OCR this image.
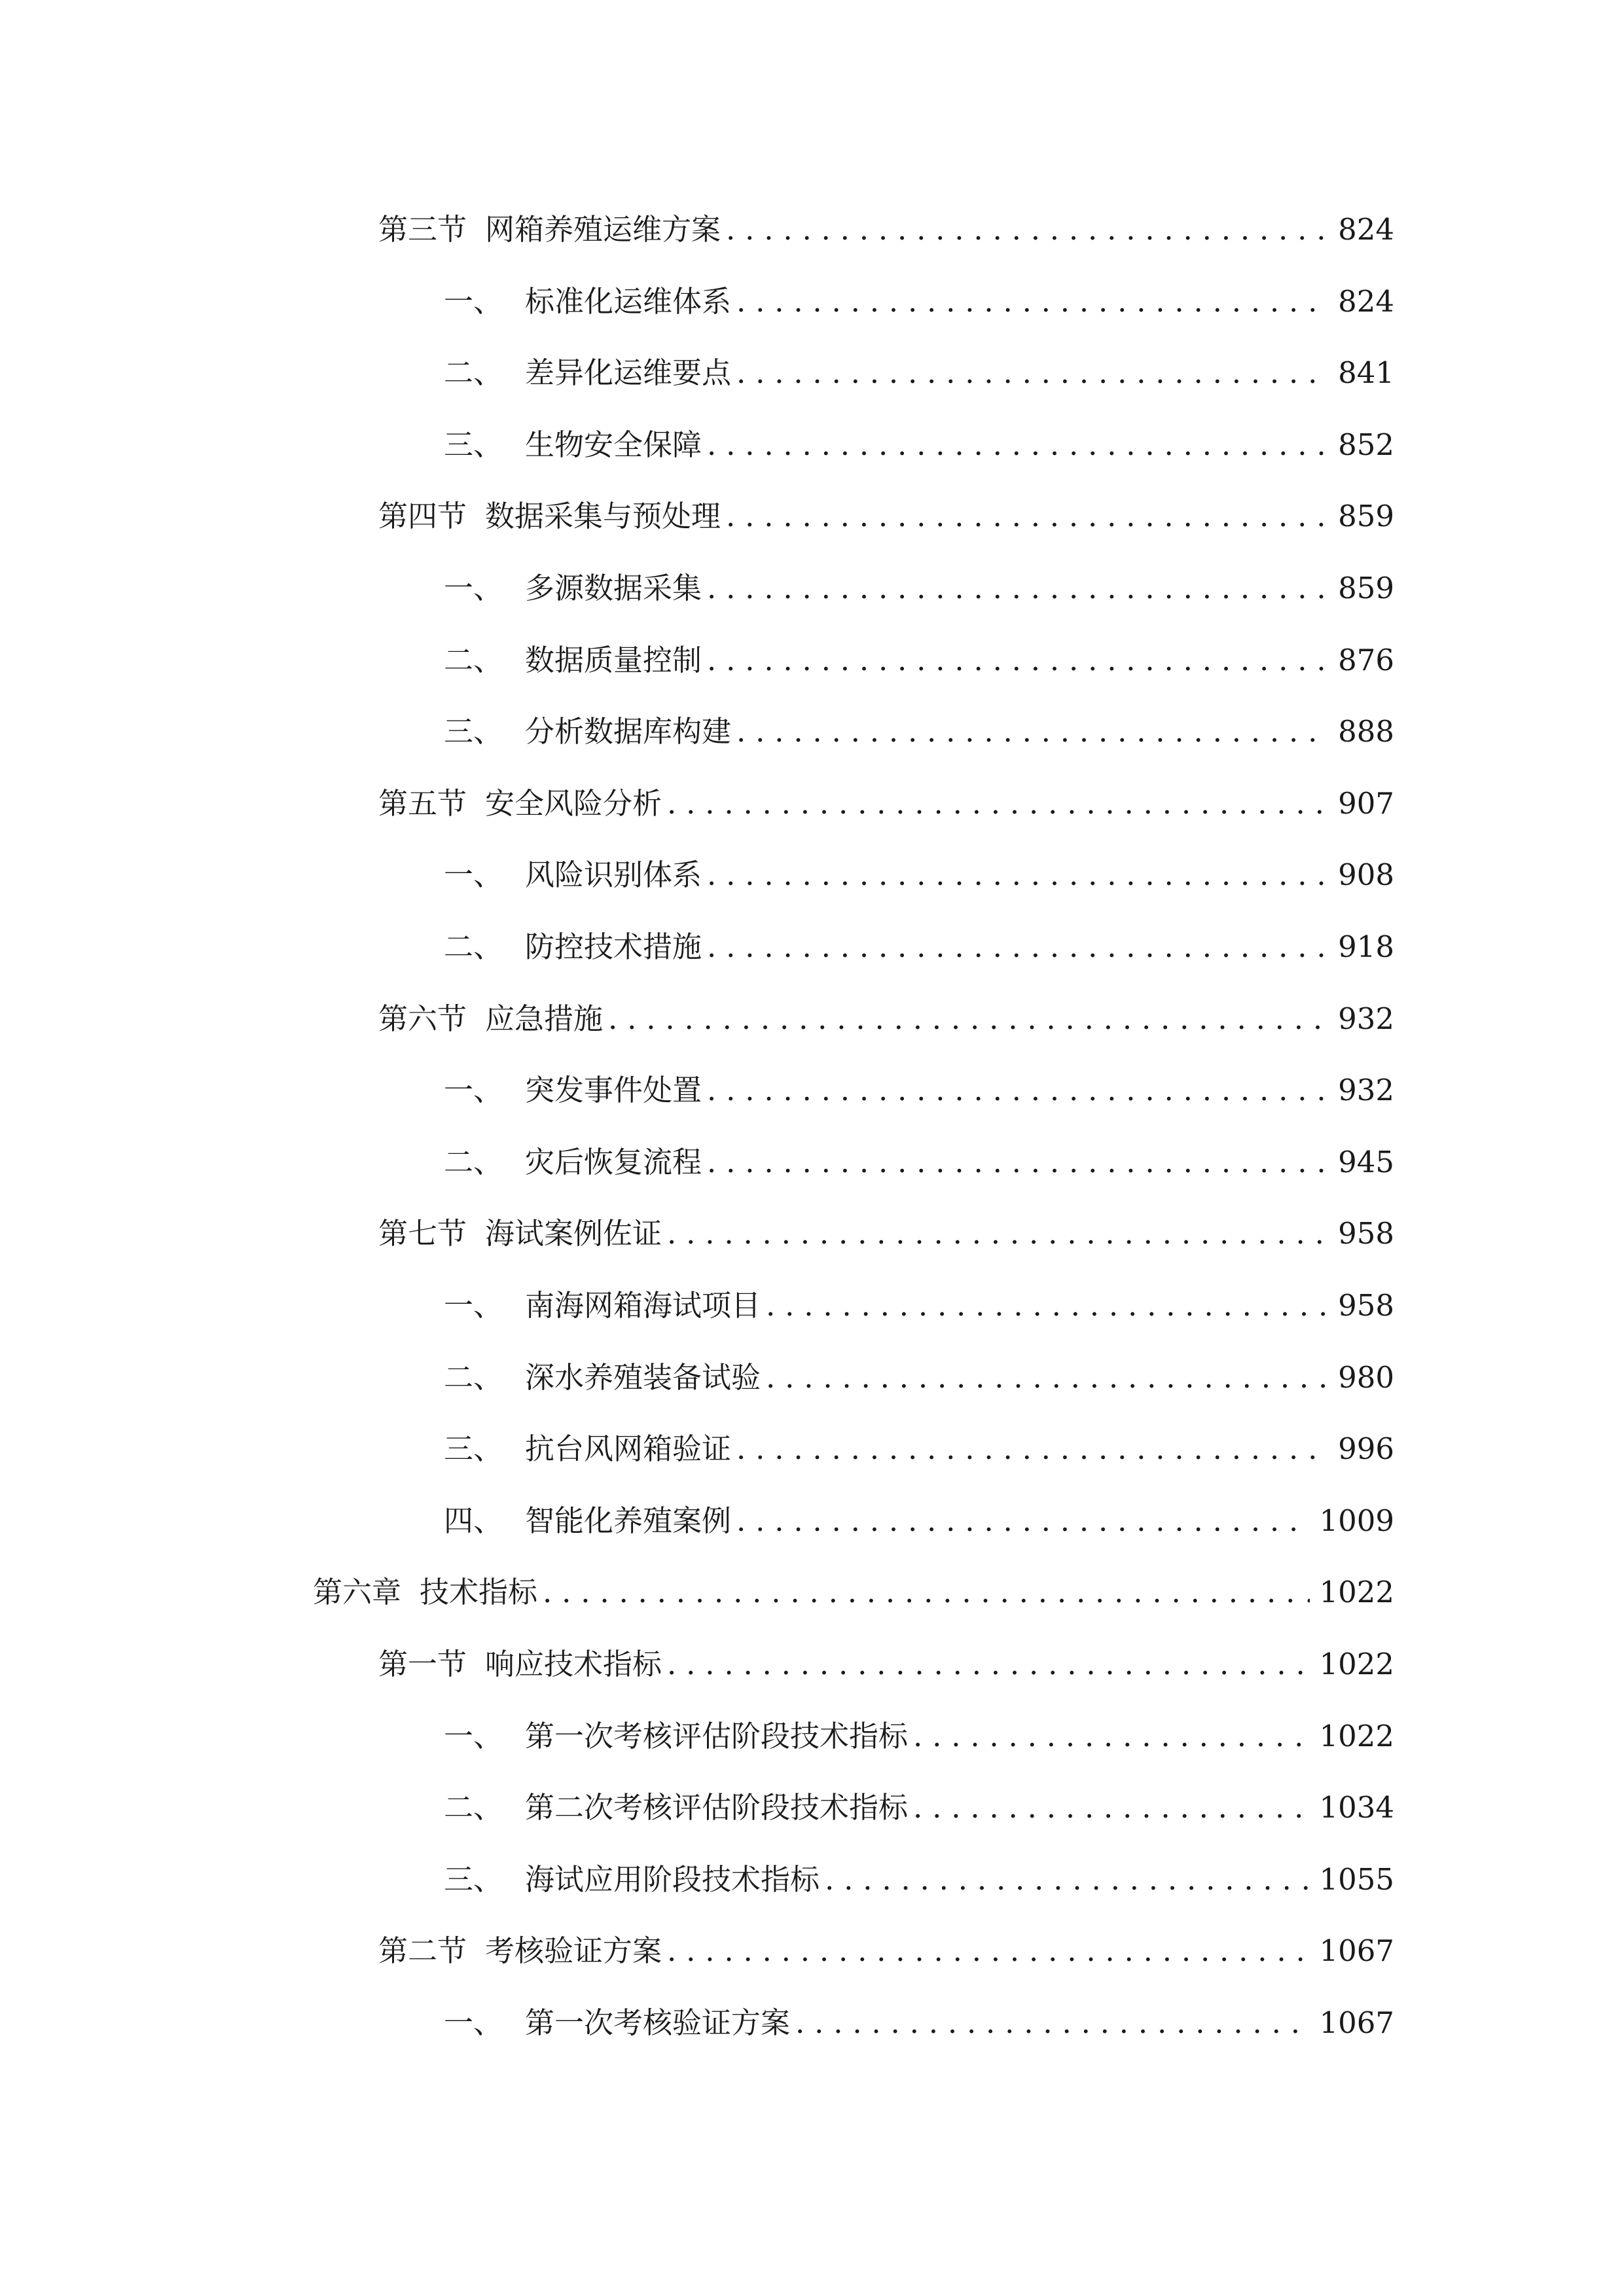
第三节 网箱养殖运维方案 .....	824
一、 标准化运维体系 .....	824
二、 差异化运维要点 .....	841
三、 生物安全保障 .....	852
第四节 数据采集与预处理 .....	859
一、 多源数据采集 .....	859
二、 数据质量控制 .....	876
三、 分析数据库构建 .....	888
第五节 安全风险分析 .....	907
一、 风险识别体系 .....	908
二、 防控技术措施 .....	918
第六节 应急措施 .....	932
一、 突发事件处置 .....	932
二、 灾后恢复流程 .....	945
第七节 海试案例佐证 .....	958
一、 南海网箱海试项目 .....	958
二、 深水养殖装备试验 .....	980
三、 抗台风网箱验证 .....	996
四、 智能化养殖案例 .....	1009
第六章 技术指标 .....	1022
第一节 响应技术指标 .....	1022
一、 第一次考核评估阶段技术指标 .....	1022
二、 第二次考核评估阶段技术指标 .....	1034
三、 海试应用阶段技术指标 .....	1055
第二节 考核验证方案 .....	1067
一、 第一次考核验证方案 .....	1067
